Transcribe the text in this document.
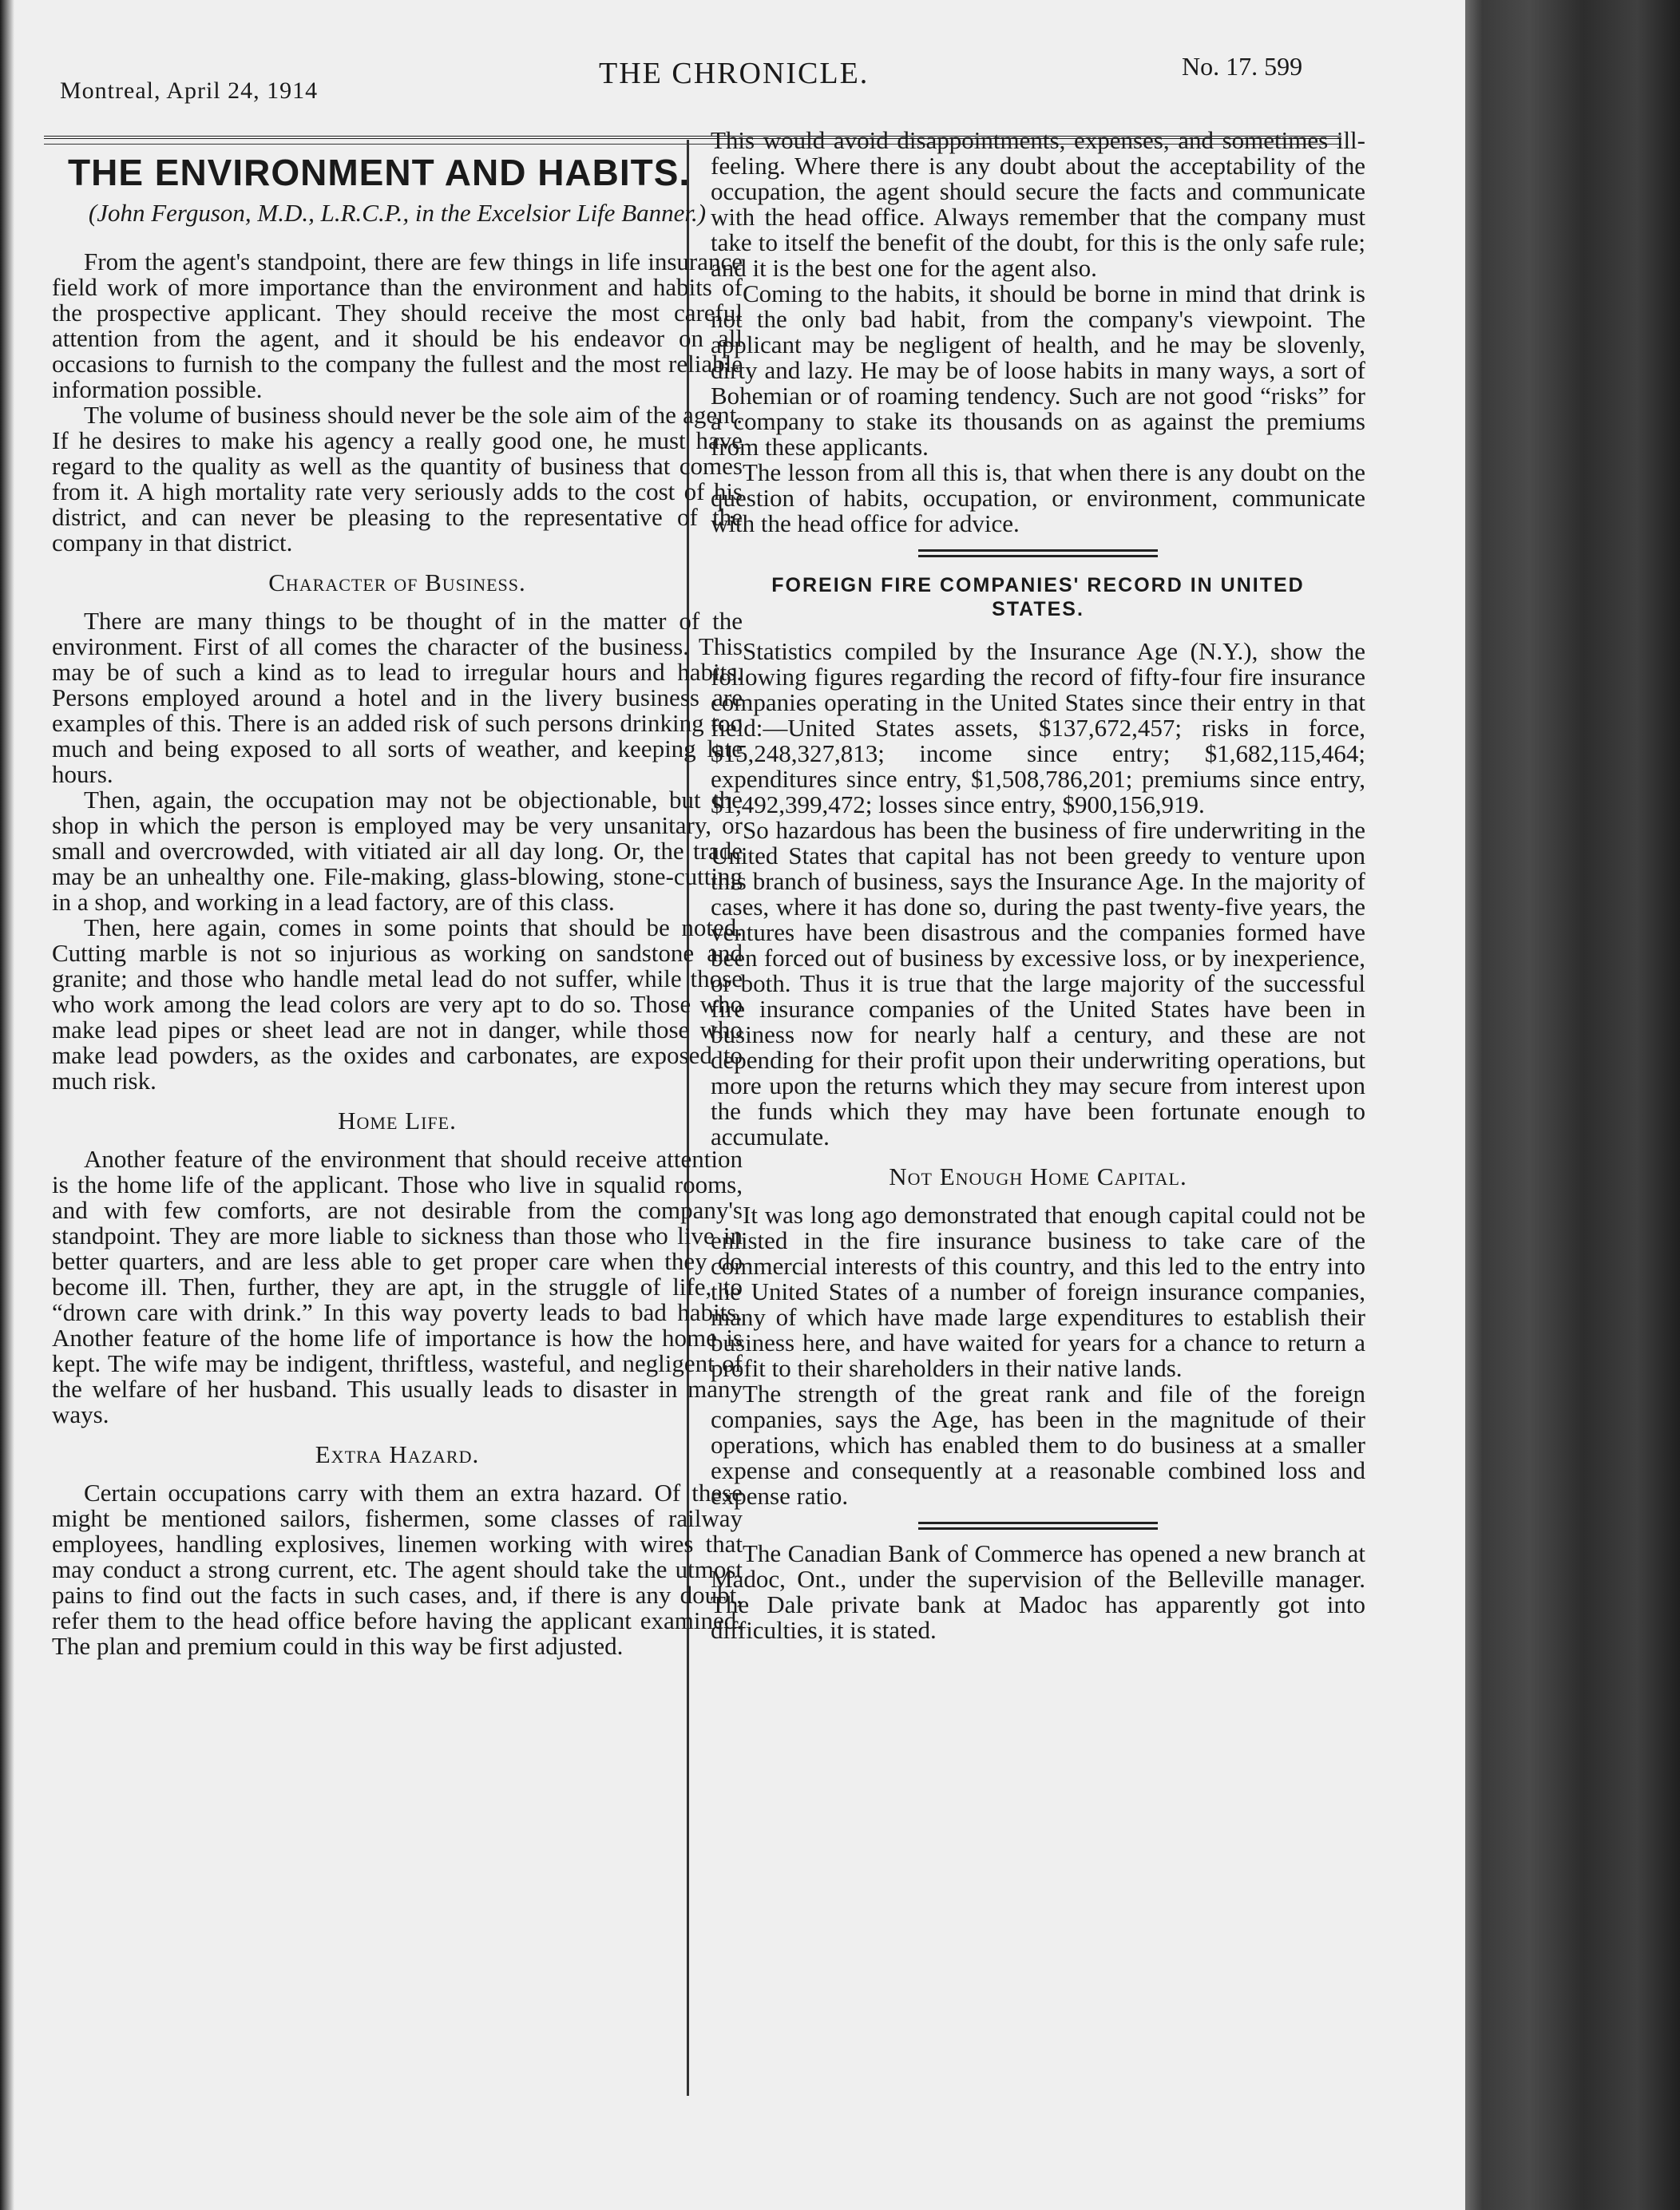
Montreal, April 24, 1914
THE CHRONICLE.	No. 17. 599
THE ENVIRONMENT AND HABITS.
(John Ferguson, M.D., L.R.C.P., in the Excelsior Life Banner.)

From the agent's standpoint, there are few things in life insurance field work of more importance than the environment and habits of the prospective applicant. They should receive the most careful attention from the agent, and it should be his endeavor on all occasions to furnish to the company the fullest and the most reliable information possible.

The volume of business should never be the sole aim of the agent. If he desires to make his agency a really good one, he must have regard to the quality as well as the quantity of business that comes from it. A high mortality rate very seriously adds to the cost of his district, and can never be pleasing to the representative of the company in that district.

Character of Business.

There are many things to be thought of in the matter of the environment. First of all comes the character of the business. This may be of such a kind as to lead to irregular hours and habits. Persons employed around a hotel and in the livery business are examples of this. There is an added risk of such persons drinking too much and being exposed to all sorts of weather, and keeping late hours.

Then, again, the occupation may not be objectionable, but the shop in which the person is employed may be very unsanitary, or small and overcrowded, with vitiated air all day long. Or, the trade may be an unhealthy one. File-making, glass-blowing, stone-cutting in a shop, and working in a lead factory, are of this class.

Then, here again, comes in some points that should be noted. Cutting marble is not so injurious as working on sandstone and granite; and those who handle metal lead do not suffer, while those who work among the lead colors are very apt to do so. Those who make lead pipes or sheet lead are not in danger, while those who make lead powders, as the oxides and carbonates, are exposed to much risk.

Home Life.

Another feature of the environment that should receive attention is the home life of the applicant. Those who live in squalid rooms, and with few comforts, are not desirable from the company's standpoint. They are more liable to sickness than those who live in better quarters, and are less able to get proper care when they do become ill. Then, further, they are apt, in the struggle of life, to “drown care with drink.” In this way poverty leads to bad habits. Another feature of the home life of importance is how the home is kept. The wife may be indigent, thriftless, wasteful, and negligent of the welfare of her husband. This usually leads to disaster in many ways.

Extra Hazard.

Certain occupations carry with them an extra hazard. Of these might be mentioned sailors, fishermen, some classes of railway employees, handling explosives, linemen working with wires that may conduct a strong current, etc. The agent should take the utmost pains to find out the facts in such cases, and, if there is any doubt, refer them to the head office before having the applicant examined. The plan and premium could in this way be first adjusted.

This would avoid disappointments, expenses, and sometimes ill-feeling. Where there is any doubt about the acceptability of the occupation, the agent should secure the facts and communicate with the head office. Always remember that the company must take to itself the benefit of the doubt, for this is the only safe rule; and it is the best one for the agent also.

Coming to the habits, it should be borne in mind that drink is not the only bad habit, from the company's viewpoint. The applicant may be negligent of health, and he may be slovenly, dirty and lazy. He may be of loose habits in many ways, a sort of Bohemian or of roaming tendency. Such are not good “risks” for a company to stake its thousands on as against the premiums from these applicants.

The lesson from all this is, that when there is any doubt on the question of habits, occupation, or environment, communicate with the head office for advice.

FOREIGN FIRE COMPANIES' RECORD IN UNITED STATES.

Statistics compiled by the Insurance Age (N.Y.), show the following figures regarding the record of fifty-four fire insurance companies operating in the United States since their entry in that field:—United States assets, $137,672,457; risks in force, $15,248,327,813; income since entry; $1,682,115,464; expenditures since entry, $1,508,786,201; premiums since entry, $1,492,399,472; losses since entry, $900,156,919.

So hazardous has been the business of fire underwriting in the United States that capital has not been greedy to venture upon this branch of business, says the Insurance Age. In the majority of cases, where it has done so, during the past twenty-five years, the ventures have been disastrous and the companies formed have been forced out of business by excessive loss, or by inexperience, or both. Thus it is true that the large majority of the successful fire insurance companies of the United States have been in business now for nearly half a century, and these are not depending for their profit upon their underwriting operations, but more upon the returns which they may secure from interest upon the funds which they may have been fortunate enough to accumulate.

Not Enough Home Capital.

It was long ago demonstrated that enough capital could not be enlisted in the fire insurance business to take care of the commercial interests of this country, and this led to the entry into the United States of a number of foreign insurance companies, many of which have made large expenditures to establish their business here, and have waited for years for a chance to return a profit to their shareholders in their native lands.

The strength of the great rank and file of the foreign companies, says the Age, has been in the magnitude of their operations, which has enabled them to do business at a smaller expense and consequently at a reasonable combined loss and expense ratio.

The Canadian Bank of Commerce has opened a new branch at Madoc, Ont., under the supervision of the Belleville manager. The Dale private bank at Madoc has apparently got into difficulties, it is stated.
